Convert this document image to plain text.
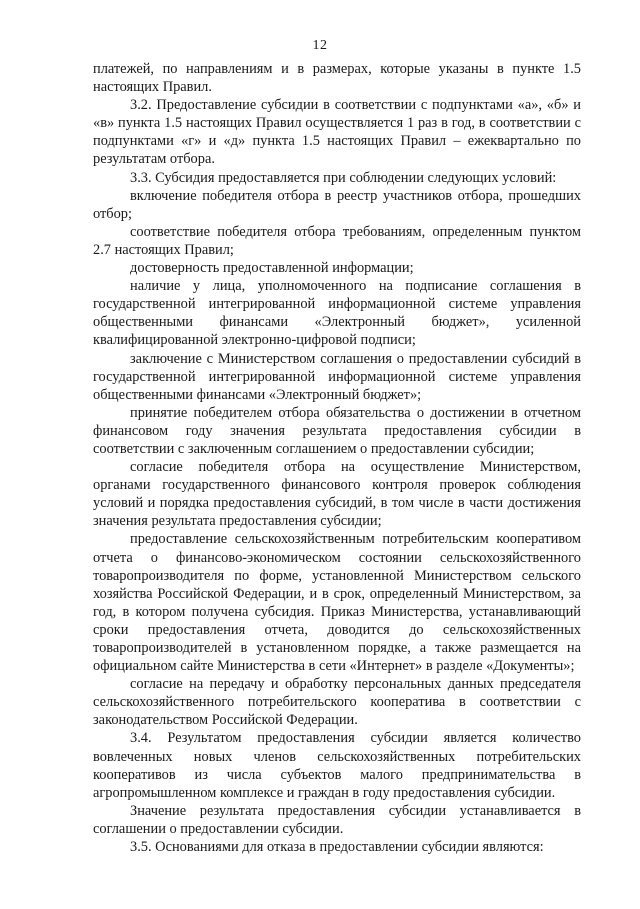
12

платежей, по направлениям и в размерах, которые указаны в пункте 1.5 настоящих Правил.

3.2. Предоставление субсидии в соответствии с подпунктами «а», «б» и «в» пункта 1.5 настоящих Правил осуществляется 1 раз в год, в соответствии с подпунктами «г» и «д» пункта 1.5 настоящих Правил – ежеквартально по результатам отбора.

3.3. Субсидия предоставляется при соблюдении следующих условий:

включение победителя отбора в реестр участников отбора, прошедших отбор;

соответствие победителя отбора требованиям, определенным пунктом 2.7 настоящих Правил;

достоверность предоставленной информации;

наличие у лица, уполномоченного на подписание соглашения в государственной интегрированной информационной системе управления общественными финансами «Электронный бюджет», усиленной квалифицированной электронно-цифровой подписи;

заключение с Министерством соглашения о предоставлении субсидий в государственной интегрированной информационной системе управления общественными финансами «Электронный бюджет»;

принятие победителем отбора обязательства о достижении в отчетном финансовом году значения результата предоставления субсидии в соответствии с заключенным соглашением о предоставлении субсидии;

согласие победителя отбора на осуществление Министерством, органами государственного финансового контроля проверок соблюдения условий и порядка предоставления субсидий, в том числе в части достижения значения результата предоставления субсидии;

предоставление сельскохозяйственным потребительским кооперативом отчета о финансово-экономическом состоянии сельскохозяйственного товаропроизводителя по форме, установленной Министерством сельского хозяйства Российской Федерации, и в срок, определенный Министерством, за год, в котором получена субсидия. Приказ Министерства, устанавливающий сроки предоставления отчета, доводится до сельскохозяйственных товаропроизводителей в установленном порядке, а также размещается на официальном сайте Министерства в сети «Интернет» в разделе «Документы»;

согласие на передачу и обработку персональных данных председателя сельскохозяйственного потребительского кооператива в соответствии с законодательством Российской Федерации.

3.4. Результатом предоставления субсидии является количество вовлеченных новых членов сельскохозяйственных потребительских кооперативов из числа субъектов малого предпринимательства в агропромышленном комплексе и граждан в году предоставления субсидии.

Значение результата предоставления субсидии устанавливается в соглашении о предоставлении субсидии.

3.5. Основаниями для отказа в предоставлении субсидии являются:
